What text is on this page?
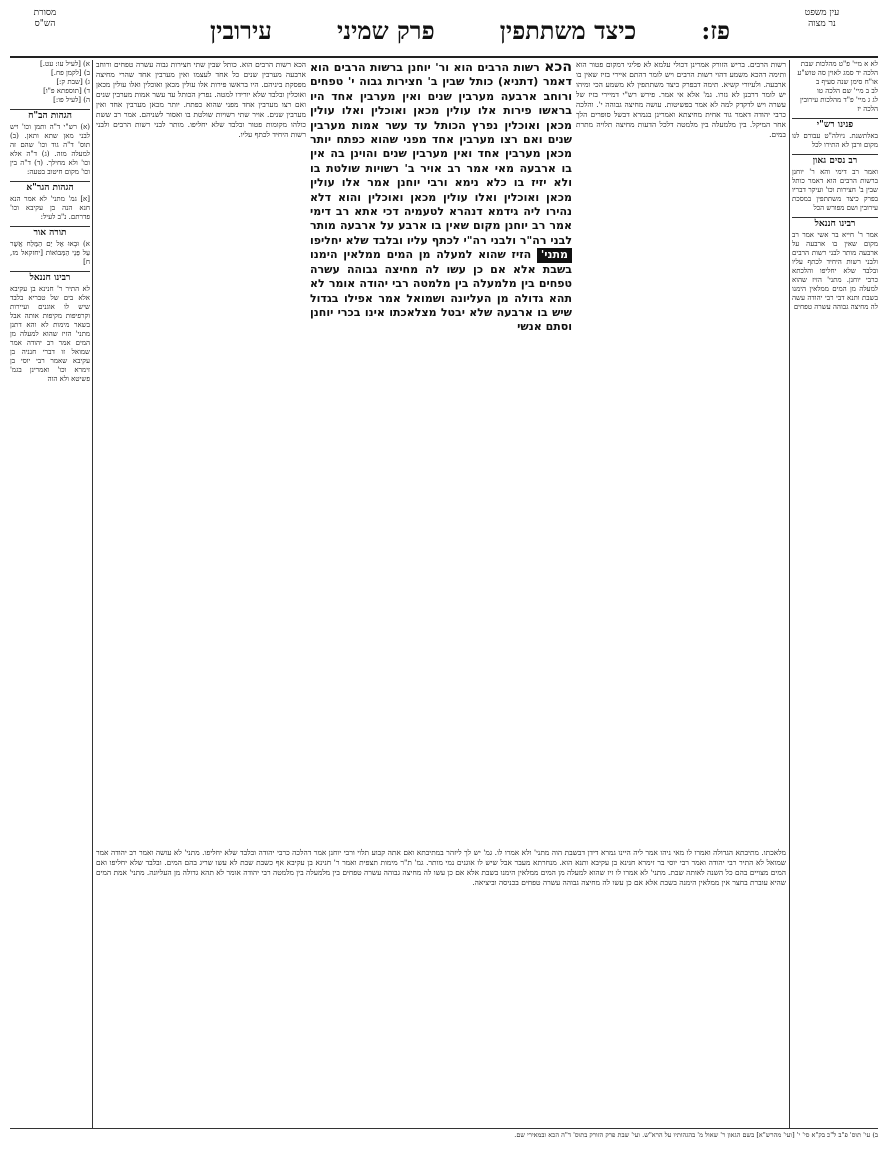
מסורת
הש"ס	פז:
כיצד משתתפין
פרק שמיני
עירובין
עין משפט
נר מצוה
לא א מיי' פ"ט מהלכות שבת הלכה יד סמג לאוין סה טוש"ע או"ח סימן שנה סעיף ב
לב ב מיי' שם הלכה טו
לג ג מיי' פ"ד מהלכות עירובין הלכה יז
פנינו רש"י
באלתשנת. ניולה"ט עבורם לנו מקום ורבן לא התירו לכל
רב נסים גאון
ואמר רב דימי והא ר' יוחנן ברשות הרבים הוא דאמר כותל שבין ב' חצירות וכו' ועיקר דבריו בפרק כיצד משתתפין במסכת עירובין ושם מפורש הכל
רבינו חננאל
אמר ר' חייא בר אשי אמר רב מקום שאין בו ארבעה על ארבעה מותר לבני רשות הרבים ולבני רשות היחיד לכתף עליו ובלבד שלא יחליפו והלכתא כרבי יוחנן. מתני' הזיז שהוא למעלה מן המים ממלאין הימנו בשבת ותנא דבי רבי יהודה עשה לה מחיצה גבוהה עשרה טפחים
רשות הרבים. בריש הזורק אמרינן דכולי עלמא לא פליגי דמקום פטור הוא ותימה דהכא משמע דהוי רשות הרבים ויש לומר דהתם איירי בזיז שאין בו ארבעה. ולעיורי קשיא. תימה דבפרק כיצד משתתפין לא משמע הכי ומיהו יש לומר דרבנן לא גזרו. גמ' אלא אי אמר. פירש רש"י דמיירי בזיז של עשרה ויש לדקדק למה לא אמר בפשיטות. עושה מחיצה גבוהה י'. והלכה כרבי יהודה דאמר גוד אחית מחיצתא ואמרינן בגמרא דבשל סופרים הלך אחר המיקל. בין מלמעלה בין מלמטה דלכל הדעות מחיצה תלויה מתרת במים.
הכא רשות הרבים הוא ור' יוחנן ברשות הרבים הוא דאמר (דתניא) כותל שבין ב' חצירות גבוה י' טפחים ורוחב ארבעה מערבין שנים ואין מערבין אחד היו בראשו פירות אלו עולין מכאן ואוכלין ואלו עולין מכאן ואוכלין נפרץ הכותל עד עשר אמות מערבין שנים ואם רצו מערבין אחד מפני שהוא כפתח יותר מכאן מערבין אחד ואין מערבין שנים והוינן בה אין בו ארבעה מאי אמר רב אויר ב' רשויות שולטת בו ולא יזיז בו כלא נימא ורבי יוחנן אמר אלו עולין מכאן ואוכלין ואלו עולין מכאן ואוכלין והוא דלא נהירו ליה גידמא דנהרא לטעמיה דכי אתא רב דימי אמר רב יוחנן מקום שאין בו ארבע על ארבעה מותר לבני רה"ר ולבני רה"י לכתף עליו ובלבד שלא יחליפו מתני' הזיז שהוא למעלה מן המים ממלאין הימנו בשבת אלא אם כן עשו לה מחיצה גבוהה עשרה טפחים בין מלמעלה בין מלמטה רבי יהודה אומר לא תהא גדולה מן העליונה ושמואל אמר אפילו בגדול שיש בו ארבעה שלא יבטל מצלאכתו אינו בכרי יוחנן וסתם אנשי
הכא רשות הרבים הוא. כותל שבין שתי חצירות גבוה עשרה טפחים ורוחב ארבעה מערבין שנים כל אחד לעצמו ואין מערבין אחד שהרי מחיצה מפסקת ביניהם. היו בראשו פירות אלו עולין מכאן ואוכלין ואלו עולין מכאן ואוכלין ובלבד שלא יורידו למטה. נפרץ הכותל עד עשר אמות מערבין שנים ואם רצו מערבין אחד מפני שהוא כפתח. יותר מכאן מערבין אחד ואין מערבין שנים. אויר שתי רשויות שולטת בו ואסור לשניהם. אמר רב ששת כולהו מקומות פטור ובלבד שלא יחליפו. מותר לבני רשות הרבים ולבני רשות היחיד לכתף עליו.
מלאכתו. מתיבתא הגדולה ואמרו לו מאי ניהו אמר ליה היינו גמרא דידן דבשבת הוה מתני' ולא אמרו לו. גמ' יש לך ליזהר במתיבתא ואם אתה קבוע תלוי ורבי יוחנן אמר דהלכה כרבי יהודה ובלבד שלא יחליפו. מתני' לא עושה ואמר רב יהודה אמר שמואל לא התיר רבי יהודה ואמר רבי יוסי בר זימרא חנינא בן עקיבא ותנא הוא. מנחרתא מעבר אבל שיש לו אוגנים נמי מותר. גמ' ת"ר מימות תצפית ואמר ר' חנינא בן עקיבא אף כשבת שבת לא עשו שריג בהם המים. ובלבד שלא יחליפו ואם המים מצויים בהם כל השנה לאותה שבת. מתני' לא אמרו לו זיז שהוא למעלה מן המים ממלאין הימנו בשבת אלא אם כן עשו לה מחיצה גבוהה עשרה טפחים בין מלמעלה בין מלמטה רבי יהודה אומר לא תהא גדולה מן העליונה. מתני' אמת המים שהיא עוברת בחצר אין ממלאין הימנה בשבת אלא אם כן עשו לה מחיצה גבוהה עשרה טפחים בכניסה וביציאה.
א) [לעיל עו: עט.]
ב) [לקמן פח.]
ג) [שבת ק:]
ד) [תוספתא פ"ו]
ה) [לעיל פו:]
הגהות הב"ח
(א) רש"י ד"ה ותמן וכו' ויש לבני מאן שתא ותאן. (ב) תוס' ד"ה גוד וכו' שהם זה למעלה מזה. (ג) ד"ה אלא וכו' ולא מחילך. (ד) ד"ה בין וכו' מקום חיטוב בטעה:
הגהות הגר"א
[א] גמ' מתני' לא אמר הנא חנא הנה בן עקיבא וכו' פדרתם. נ"ב לעיל:
תורה אור
א) וּבָאוּ אֶל יַם הַמֶּלַח אֲשֶׁר עַל פְּנֵי הַמְּבוֹאוֹת [יחזקאל מז, ח]
רבינו חננאל
לא התיר ר' חנינא בן עקיבא אלא בים של טבריא בלבד שיש לו אוגנים ועיירות וקרפיפות מקיפות אותה אבל בשאר מימות לא והא דתנן מתני' הזיז שהוא למעלה מן המים אמר רב יהודה אמר שמואל זו דברי חנניה בן עקיבא שאמר רבי יוסי בן זימרא וכו' ואמרינן בגמ' פשיטא ולא הוה
ב) עי' תוס' פ"ב ל"כ בק"א סי' י' [ועי' מהרש"א] בשם הגאון ר' שאול מ' בהגהותיו על הרא"ש. ועי' שבת פרק הזורק בתוס' ד"ה הכא ובמאירי שם.
